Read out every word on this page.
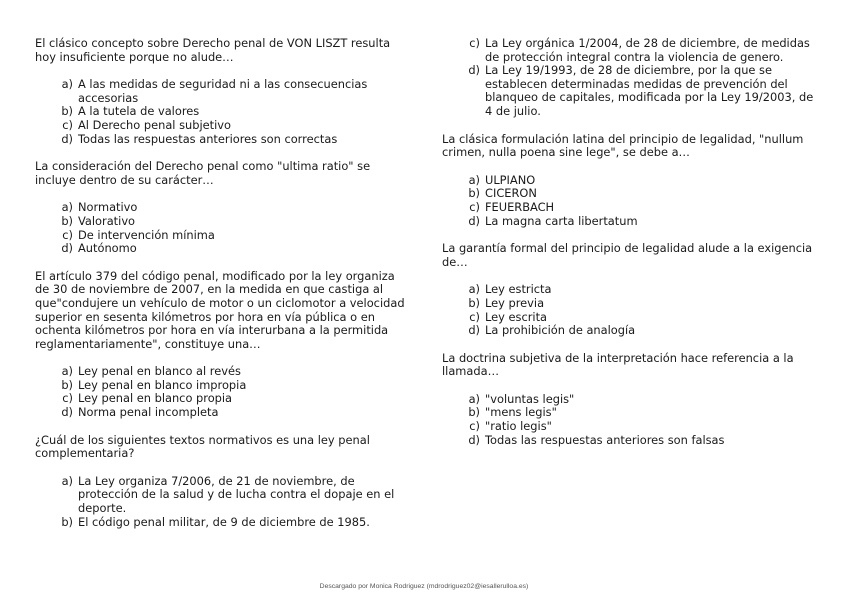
El clásico concepto sobre Derecho penal de VON LISZT resulta hoy insuficiente porque no alude…

a) A las medidas de seguridad ni a las consecuencias accesorias
b) A la tutela de valores
c) Al Derecho penal subjetivo
d) Todas las respuestas anteriores son correctas

La consideración del Derecho penal como "ultima ratio" se incluye dentro de su carácter…

a) Normativo
b) Valorativo
c) De intervención mínima
d) Autónomo

El artículo 379 del código penal, modificado por la ley organiza de 30 de noviembre de 2007, en la medida en que castiga al que"condujere un vehículo de motor o un ciclomotor a velocidad superior en sesenta kilómetros por hora en vía pública o en ochenta kilómetros por hora en vía interurbana a la permitida reglamentariamente", constituye una…

a) Ley penal en blanco al revés
b) Ley penal en blanco impropia
c) Ley penal en blanco propia
d) Norma penal incompleta

¿Cuál de los siguientes textos normativos es una ley penal complementaria?

a) La Ley organiza 7/2006, de 21 de noviembre, de protección de la salud y de lucha contra el dopaje en el deporte.
b) El código penal militar, de 9 de diciembre de 1985.
c) La Ley orgánica 1/2004, de 28 de diciembre, de medidas de protección integral contra la violencia de genero.
d) La Ley 19/1993, de 28 de diciembre, por la que se establecen determinadas medidas de prevención del blanqueo de capitales, modificada por la Ley 19/2003, de 4 de julio.

La clásica formulación latina del principio de legalidad, "nullum crimen, nulla poena sine lege", se debe a…

a) ULPIANO
b) CICERON
c) FEUERBACH
d) La magna carta libertatum

La garantía formal del principio de legalidad alude a la exigencia de…

a) Ley estricta
b) Ley previa
c) Ley escrita
d) La prohibición de analogía

La doctrina subjetiva de la interpretación hace referencia a la llamada…

a) "voluntas legis"
b) "mens legis"
c) "ratio legis"
d) Todas las respuestas anteriores son falsas
Descargado por Monica Rodriguez (mdrodriguez02@iesallerulloa.es)
